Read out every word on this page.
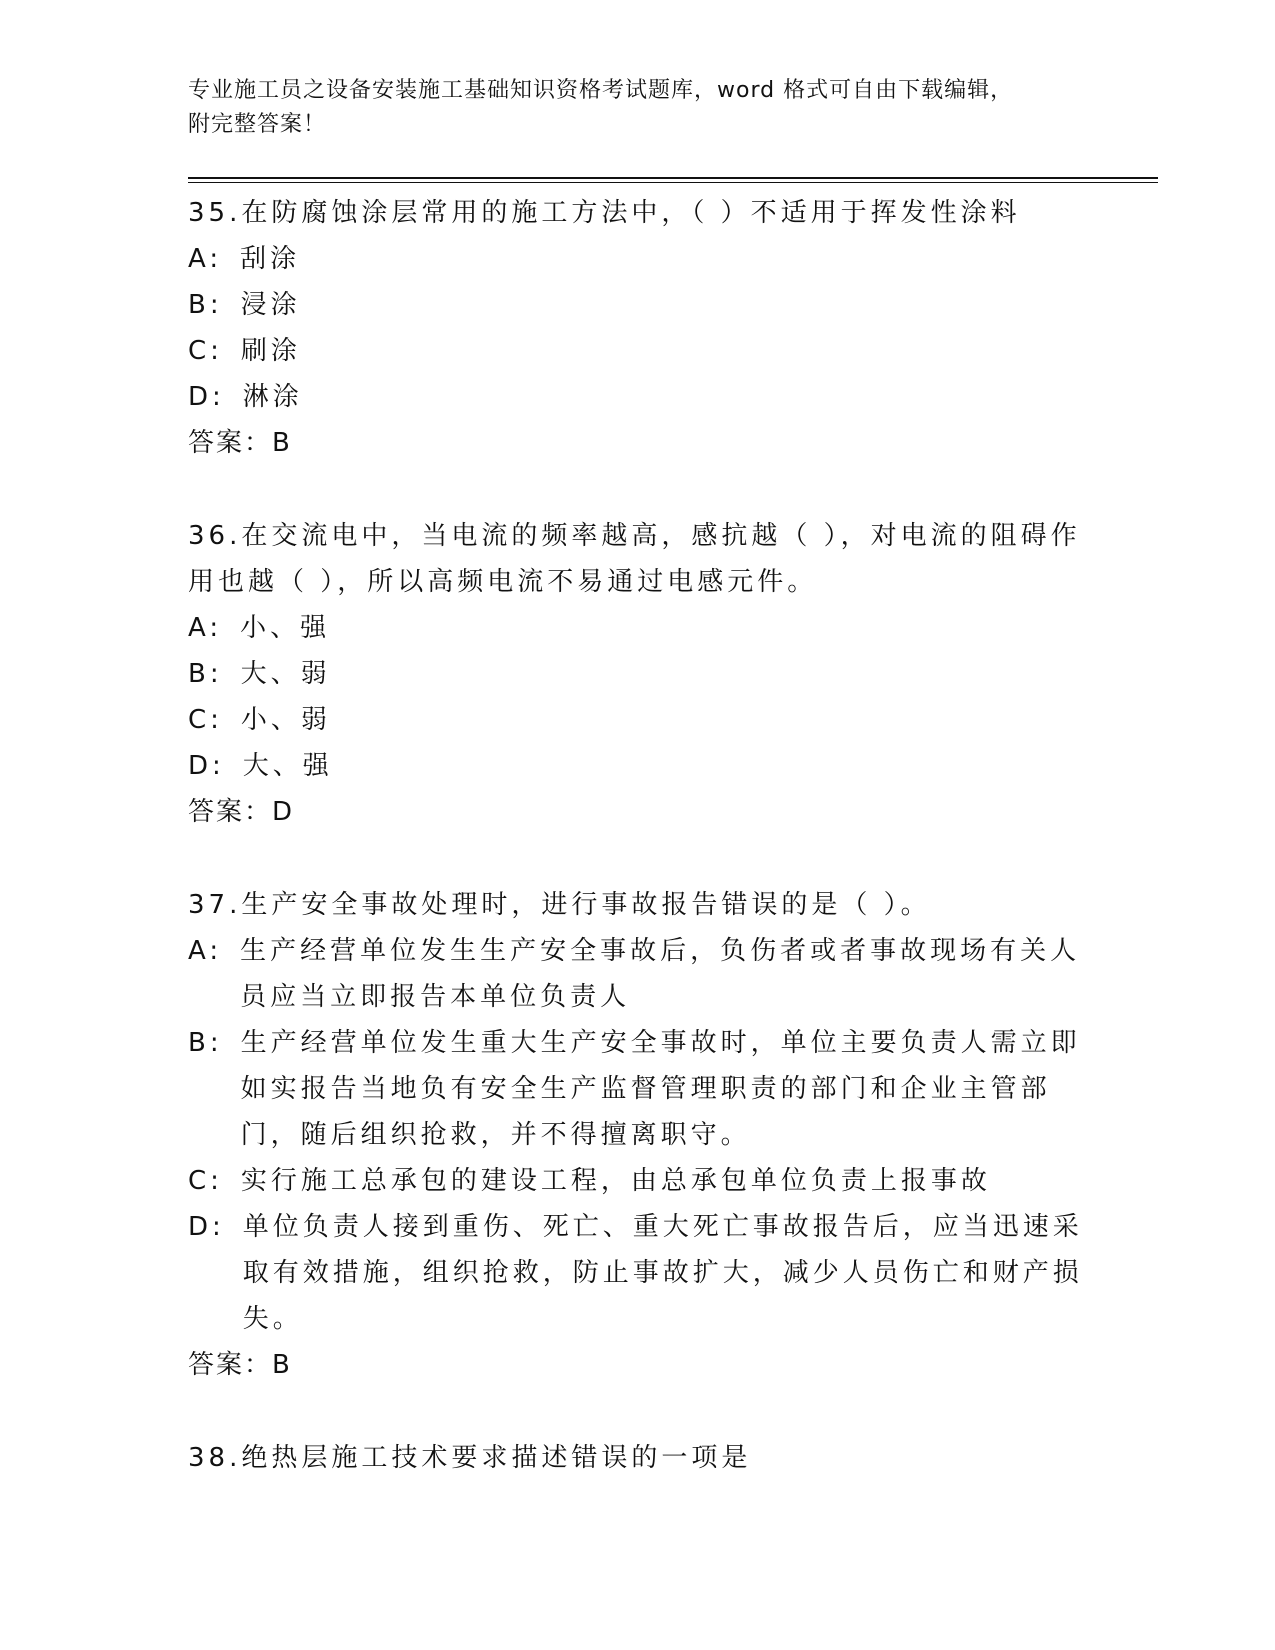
专业施工员之设备安装施工基础知识资格考试题库，word 格式可自由下载编辑，
附完整答案！
35.在防腐蚀涂层常用的施工方法中，（ ）不适用于挥发性涂料
A: 刮涂
B: 浸涂
C: 刷涂
D: 淋涂
答案：B
36.在交流电中，当电流的频率越高，感抗越（ ），对电流的阻碍作
用也越（ ），所以高频电流不易通过电感元件。
A: 小、强
B: 大、弱
C: 小、弱
D: 大、强
答案：D
37.生产安全事故处理时，进行事故报告错误的是（ ）。
A: 生产经营单位发生生产安全事故后，负伤者或者事故现场有关人员应当立即报告本单位负责人
B: 生产经营单位发生重大生产安全事故时，单位主要负责人需立即如实报告当地负有安全生产监督管理职责的部门和企业主管部门，随后组织抢救，并不得擅离职守。
C: 实行施工总承包的建设工程，由总承包单位负责上报事故
D: 单位负责人接到重伤、死亡、重大死亡事故报告后，应当迅速采取有效措施，组织抢救，防止事故扩大，减少人员伤亡和财产损失。
答案：B
38.绝热层施工技术要求描述错误的一项是
